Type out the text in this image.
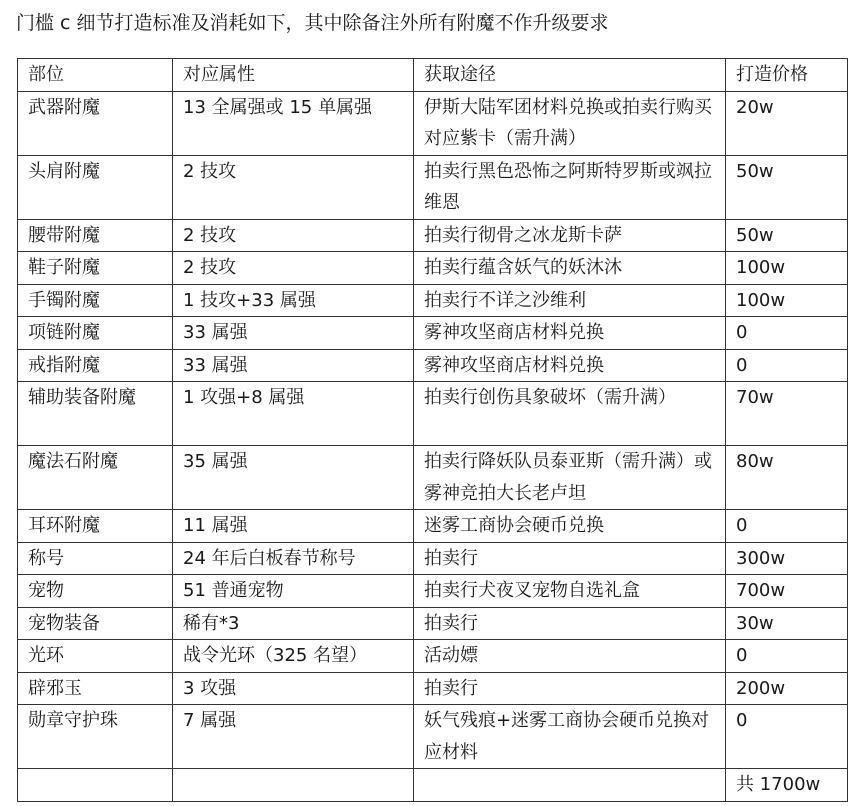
门槛 c 细节打造标准及消耗如下，其中除备注外所有附魔不作升级要求
部位	对应属性	获取途径	打造价格
武器附魔	13 全属强或 15 单属强	伊斯大陆军团材料兑换或拍卖行购买对应紫卡（需升满）	20w
头肩附魔	2 技攻	拍卖行黑色恐怖之阿斯特罗斯或飒拉维恩	50w
腰带附魔	2 技攻	拍卖行彻骨之冰龙斯卡萨	50w
鞋子附魔	2 技攻	拍卖行蕴含妖气的妖沐沐	100w
手镯附魔	1 技攻+33 属强	拍卖行不详之沙维利	100w
项链附魔	33 属强	雾神攻坚商店材料兑换	0
戒指附魔	33 属强	雾神攻坚商店材料兑换	0
辅助装备附魔	1 攻强+8 属强	拍卖行创伤具象破坏（需升满）	70w
魔法石附魔	35 属强	拍卖行降妖队员泰亚斯（需升满）或雾神竞拍大长老卢坦	80w
耳环附魔	11 属强	迷雾工商协会硬币兑换	0
称号	24 年后白板春节称号	拍卖行	300w
宠物	51 普通宠物	拍卖行犬夜叉宠物自选礼盒	700w
宠物装备	稀有*3	拍卖行	30w
光环	战令光环（325 名望）	活动嫖	0
辟邪玉	3 攻强	拍卖行	200w
勋章守护珠	7 属强	妖气残痕+迷雾工商协会硬币兑换对应材料	0
			共 1700w
